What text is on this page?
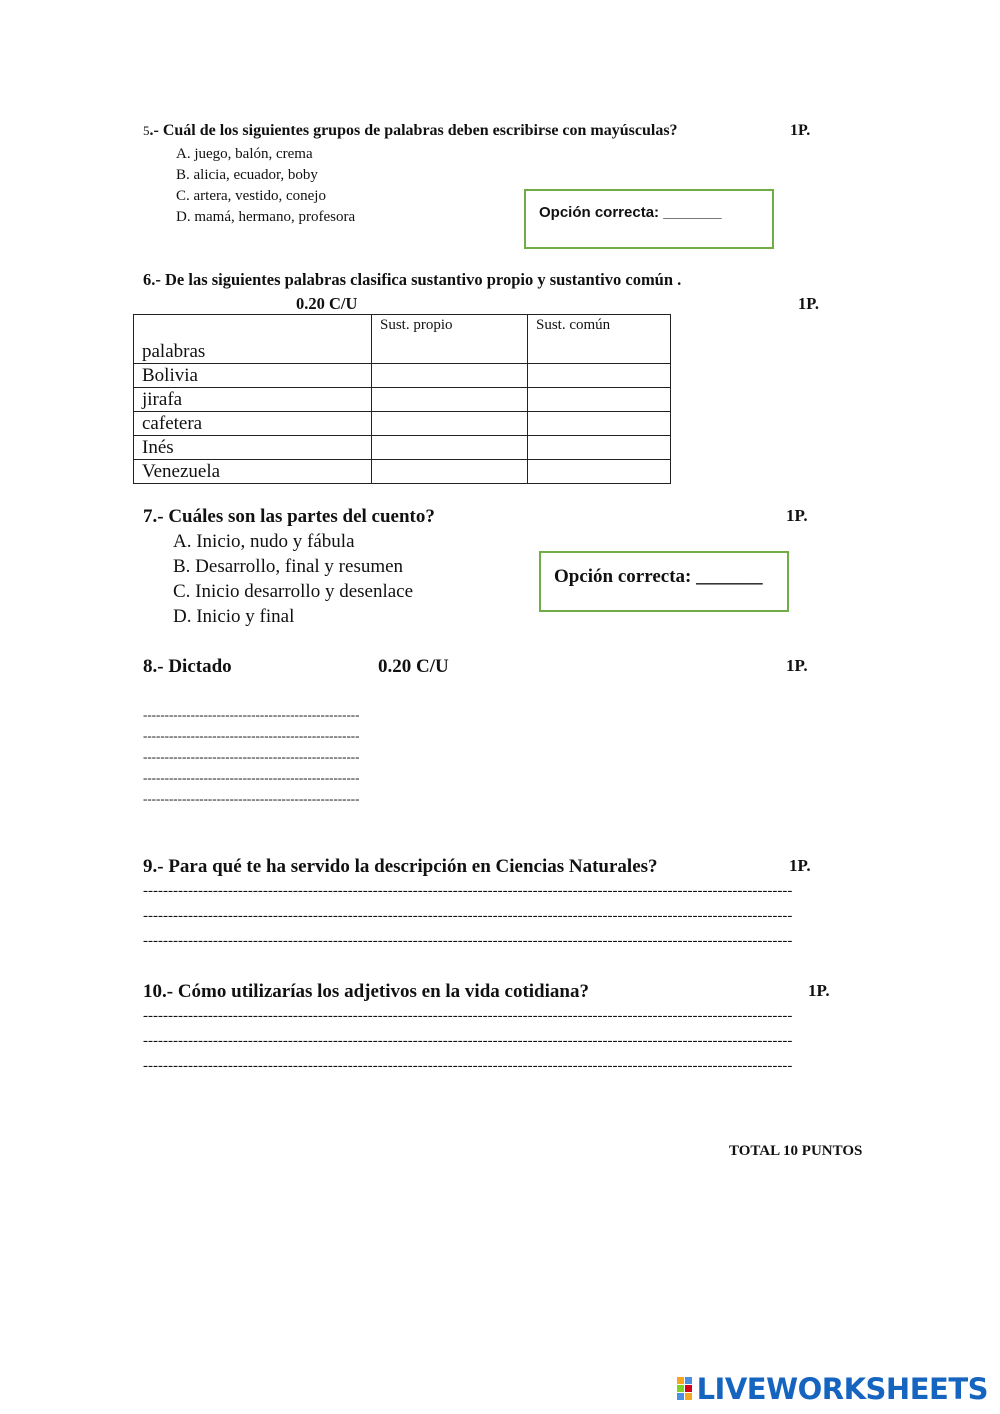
5.- Cuál de los siguientes grupos de palabras deben escribirse con mayúsculas?	1P.
A. juego, balón, crema
B. alicia, ecuador, boby
C. artera, vestido, conejo
D. mamá, hermano, profesora	Opción correcta: _______
6.- De las siguientes palabras clasifica sustantivo propio y sustantivo común .
0.20 C/U	1P.
palabras	Sust. propio	Sust. común
Bolivia		
jirafa		
cafetera		
Inés		
Venezuela		
7.- Cuáles son las partes del cuento?	1P.
A. Inicio, nudo y fábula
B. Desarrollo, final y resumen
C. Inicio desarrollo y desenlace
D. Inicio y final
Opción correcta: _______
8.- Dictado	0.20 C/U	1P.
--------------------------------------------------
--------------------------------------------------
--------------------------------------------------
--------------------------------------------------
--------------------------------------------------
9.- Para qué te ha servido la descripción en Ciencias Naturales?	1P.
----------------------------------------------------------------------------------------------------------------------------------
----------------------------------------------------------------------------------------------------------------------------------
----------------------------------------------------------------------------------------------------------------------------------
10.- Cómo utilizarías los adjetivos en la vida cotidiana?	1P.
----------------------------------------------------------------------------------------------------------------------------------
----------------------------------------------------------------------------------------------------------------------------------
----------------------------------------------------------------------------------------------------------------------------------
TOTAL 10 PUNTOS
LIVEWORKSHEETS
